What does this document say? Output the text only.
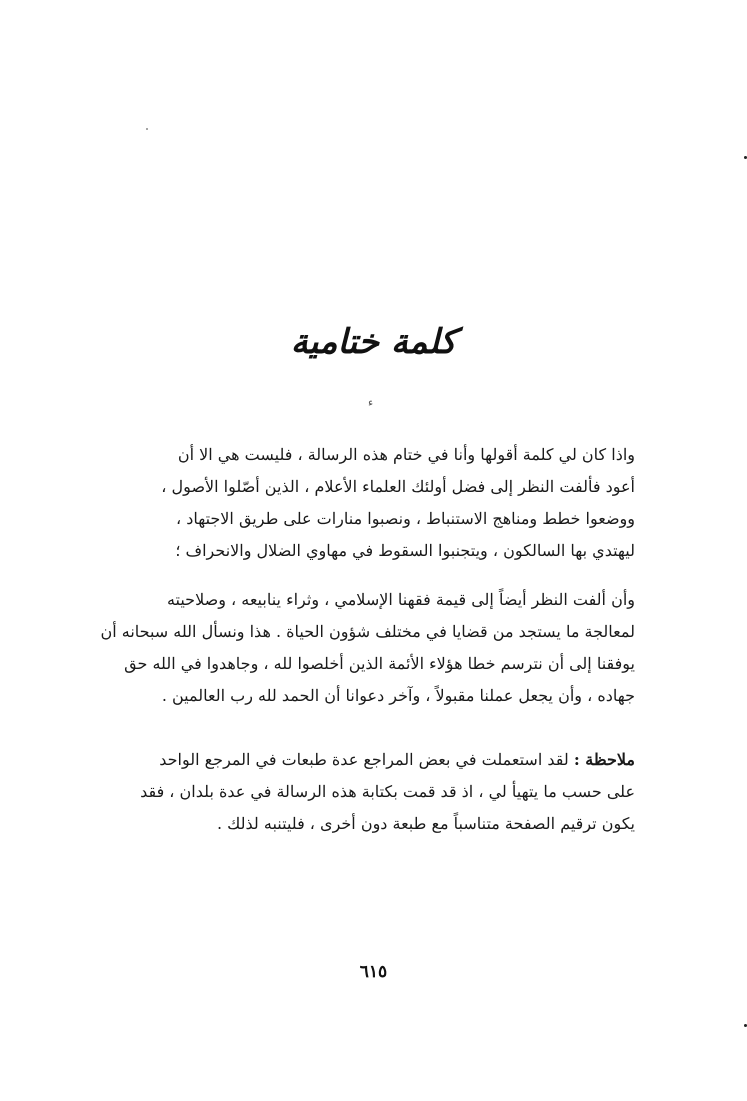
كلمة ختامية
ء
واذا كان لي كلمة أقولها وأنا في ختام هذه الرسالة ، فليست هي الا أن
أعود فألفت النظر إلى فضل أولئك العلماء الأعلام ، الذين أصّلوا الأصول ،
ووضعوا خطط ومناهج الاستنباط ، ونصبوا منارات على طريق الاجتهاد ،
ليهتدي بها السالكون ، ويتجنبوا السقوط في مهاوي الضلال والانحراف ؛
وأن ألفت النظر أيضاً إلى قيمة فقهنا الإسلامي ، وثراء ينابيعه ، وصلاحيته
لمعالجة ما يستجد من قضايا في مختلف شؤون الحياة . هذا ونسأل الله سبحانه أن
يوفقنا إلى أن نترسم خطا هؤلاء الأئمة الذين أخلصوا لله ، وجاهدوا في الله حق
جهاده ، وأن يجعل عملنا مقبولاً ، وآخر دعوانا أن الحمد لله رب العالمين .
ملاحظة : لقد استعملت في بعض المراجع عدة طبعات في المرجع الواحد
على حسب ما يتهيأ لي ، اذ قد قمت بكتابة هذه الرسالة في عدة بلدان ، فقد
يكون ترقيم الصفحة متناسباً مع طبعة دون أخرى ، فليتنبه لذلك .
٦١٥
